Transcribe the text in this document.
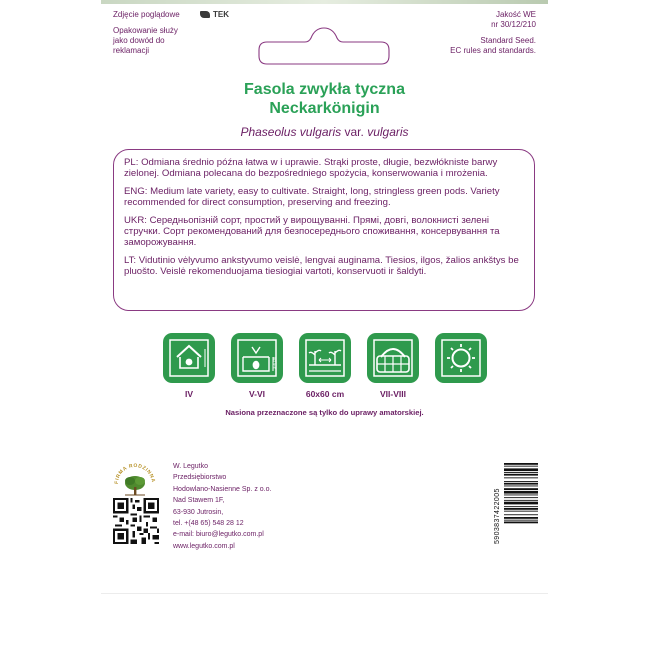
Zdjęcie poglądowe	TEK
Opakowanie służy jako dowód do reklamacji
Jakość WE
nr 30/12/210
Standard Seed.
EC rules and standards.
Fasola zwykła tyczna
Neckarkönigin
Phaseolus vulgaris var. vulgaris

PL: Odmiana średnio późna łatwa w i uprawie. Strąki proste, długie, bezwłókniste barwy zielonej. Odmiana polecana do bezpośredniego spożycia, konserwowania i mrożenia.

ENG: Medium late variety, easy to cultivate. Straight, long, stringless green pods. Variety recommended for direct consumption, preserving and freezing.

UKR: Середньопізній сорт, простий у вирощуванні. Прямі, довгі, волокнисті зелені стручки. Сорт рекомендований для безпосереднього споживання, консервування та заморожування.

LT: Vidutinio vėlyvumo ankstyvumo veislė, lengvai auginama. Tiesios, ilgos, žalios ankštys be pluošto. Veislė rekomenduojama tiesiogiai vartoti, konservuoti ir šaldyti.

IV
3-4 cm
V-VI	60x60 cm	VII-VIII
Nasiona przeznaczone są tylko do uprawy amatorskiej.
FIRMA RODZINNA
W. Legutko
Przedsiębiorstwo
Hodowlano-Nasienne Sp. z o.o.
Nad Stawem 1F,
63-930 Jutrosin,
tel. +(48 65) 548 28 12
e-mail: biuro@legutko.com.pl
www.legutko.com.pl
5903837422005
